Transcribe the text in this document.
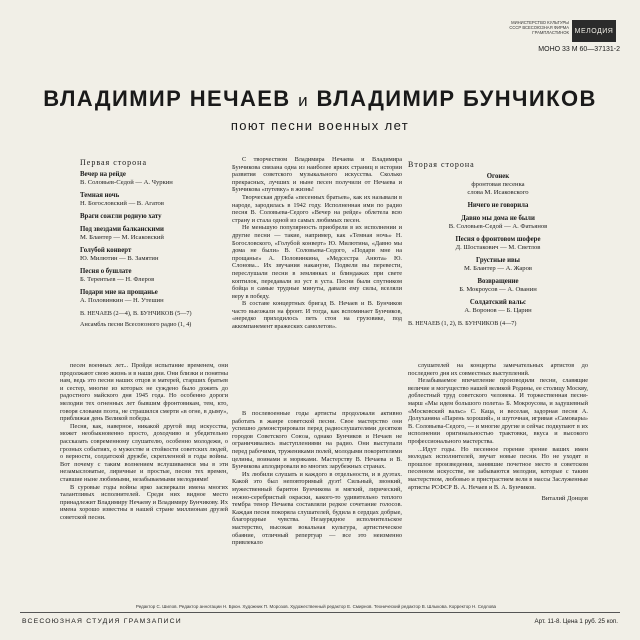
МИНИСТЕРСТВО КУЛЬТУРЫ СССР ВСЕСОЮЗНАЯ ФИРМА ГРАМПЛАСТИНОК МЕЛОДИЯ
МОНО 33 М 60—37131-2
ВЛАДИМИР НЕЧАЕВ и ВЛАДИМИР БУНЧИКОВ
поют песни военных лет
Первая сторона
Вечер на рейде
В. Соловьев-Седой — А. Чуркин
Темная ночь
Н. Богословский — В. Агатов
Враги сожгли родную хату
Под звездами балканскими
М. Блантер — М. Исаковский
Голубой конверт
Ю. Милютин — В. Замятин
Песня о бушлате
Б. Терентьев — Н. Флеров
Подари мне на прощанье
А. Половинкин — Н. Утешин
В. НЕЧАЕВ (2—4), В. БУНЧИКОВ (5—7)
Ансамбль песни Всесоюзного радио (1, 4)

С творчеством Владимира Нечаева и Владимира Бунчикова связана одна из наиболее ярких страниц в истории развития советского музыкального искусства. Сколько прекрасных, лучших и ныне песен получили от Нечаева и Бунчикова «путевку» в жизнь!

Творческая дружба «песенных братьев», как их называли в народе, зародилась в 1942 году. Исполненная ими по радио песня В. Соловьева-Седого «Вечер на рейде» облетела всю страну и стала одной из самых любимых песен.

Не меньшую популярность приобрели в их исполнении и другие песни — такие, например, как «Темная ночь» Н. Богословского, «Голубой конверт» Ю. Милютина, «Давно мы дома не были» В. Соловьева-Седого, «Подари мне на прощанье» А. Половинкина, «Медсестра Анюта» Ю. Слонова... Их звучания накануне, Подвели вы перевести, переслушали песни в землянках и блиндажах при свете коптилок, передавали из уст в уста. Песни были спутником бойца в самые трудные минуты, давали ему силы, вселяли веру в победу.

В составе концертных бригад В. Нечаев и В. Бунчиков часто выезжали на фронт. И тогда, как вспоминает Бунчиков, «нередко приходилось петь стоя на грузовике, под аккомпанемент вражеских самолетов».

Вторая сторона
Огонек
фронтовая песенка
слова М. Исаковского
Ничего не говорила
Давно мы дома не были
В. Соловьев-Седой — А. Фатьянов
Песня о фронтовом шофере
Д. Шостакович — М. Светлов
Грустные ивы
М. Блантер — А. Жаров
Возвращение
Б. Мокроусов — А. Ованин
Солдатский вальс
А. Воронов — Б. Царин
В. НЕЧАЕВ (1, 2), В. БУНЧИКОВ (4—7)

песен военных лет... Пройдя испытание временем, они продолжают свою жизнь и в наши дни. Они близки и понятны нам, ведь это песни наших отцов и матерей, старших братьев и сестер, многие из которых не суждено было дожить до радостного майского дня 1945 года. Но особенно дороги мелодии тех огненных лет бывшим фронтовикам, тем, кто, говоря словами поэта, не страшился смерти «в огне, в дыму», приближая день Великой победы.

Песня, как, наверное, никакой другой вид искусства, может необыкновенно просто, доходчиво и убедительно рассказать современному слушателю, особенно молодежи, о грозных событиях, о мужестве и стойкости советских людей, о верности, солдатской дружбе, скрепленной в годы войны. Вот почему с таким волнением вслушиваемся мы в эти незамысловатые, лиричные и простые, песни тех времен, ставшие ныне любимыми, незабываемыми мелодиями!

В суровые годы войны ярко засверкали имена многих талантливых исполнителей. Среди них видное место принадлежит Владимиру Нечаеву и Владимиру Бунчикову. Их имена хорошо известны в нашей стране миллионам друзей советской песни.

В послевоенные годы артисты продолжали активно работать в жанре советской песни. Свое мастерство они успешно демонстрировали перед радиослушателями десятков городов Советского Союза, однако Бунчиков и Нечаев не ограничивались выступлениями на радио. Они выступали перед рабочими, тружениками полей, молодыми покорителями целины, воинами и моряками. Мастерству В. Нечаева и В. Бунчикова аплодировали во многих зарубежных странах.

Их любили слушать и каждого в отдельности, и в дуэтах. Какой это был неповторимый дуэт! Сильный, звонкий, мужественный баритон Бунчикова и мягкий, лирический, нежно-серебристый окраски, какого-то удивительно теплого тембра тенор Нечаева составляли редкое сочетание голосов. Каждая песня покоряла слушателей, будила в сердцах добрые, благородные чувства. Незаурядное исполнительское мастерство, высокая вокальная культура, артистическое обаяние, отличный репертуар — все это неизменно привлекало

слушателей на концерты замечательных артистов до последнего дня их совместных выступлений.

Незабываемое впечатление производили песни, славящие величие и могущество нашей великой Родины, ее столицу Москву, доблестный труд советского человека. И торжественная песня-марш «Мы идем большого полета» Б. Мокроусова, и задушевный «Московский вальс» С. Каца, и веселая, задорная песня А. Долуханяна «Парень хороший», и шуточная, игривая «Самовары» В. Соловьева-Седого, — и многие другие и сейчас подкупают в их исполнении оригинальностью трактовки, вкуса и высокого профессионального мастерства.

...Идут годы. Но песенное горение зрение ваших имен молодых исполнителей, звучат новые песни. Но не уходят в прошлое произведения, занявшие почетное место в советском песенном искусстве, не забываются мелодии, которые с таким мастерством, любовью и пристрастием вели в массы Заслуженные артисты РСФСР В. А. Нечаев и В. А. Бунчиков.

Виталий Донцов
Редактор С. Шилов. Редактор аннотации Н. Брюн. Художник П. Морозов. Художественный редактор Е. Смирнов. Технический редактор В. Шлыкова. Корректор Н. Седлова
ВСЕСОЮЗНАЯ СТУДИЯ ГРАМЗАПИСИ	Арт. 11-8. Цена 1 руб. 25 коп.
